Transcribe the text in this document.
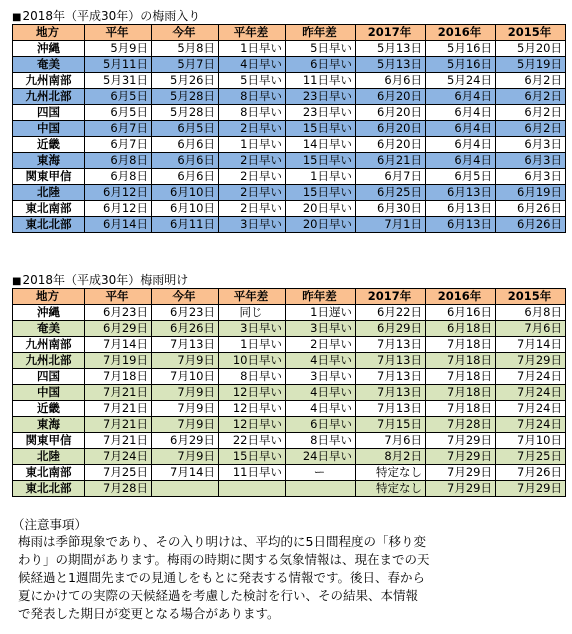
■2018年（平成30年）の梅雨入り
地方	平年	今年	平年差	昨年差	2017年	2016年	2015年
沖縄	5月9日	5月8日	1日早い	5日早い	5月13日	5月16日	5月20日
奄美	5月11日	5月7日	4日早い	6日早い	5月13日	5月16日	5月19日
九州南部	5月31日	5月26日	5日早い	11日早い	6月6日	5月24日	6月2日
九州北部	6月5日	5月28日	8日早い	23日早い	6月20日	6月4日	6月2日
四国	6月5日	5月28日	8日早い	23日早い	6月20日	6月4日	6月2日
中国	6月7日	6月5日	2日早い	15日早い	6月20日	6月4日	6月2日
近畿	6月7日	6月6日	1日早い	14日早い	6月20日	6月4日	6月3日
東海	6月8日	6月6日	2日早い	15日早い	6月21日	6月4日	6月3日
関東甲信	6月8日	6月6日	2日早い	1日早い	6月7日	6月5日	6月3日
北陸	6月12日	6月10日	2日早い	15日早い	6月25日	6月13日	6月19日
東北南部	6月12日	6月10日	2日早い	20日早い	6月30日	6月13日	6月26日
東北北部	6月14日	6月11日	3日早い	20日早い	7月1日	6月13日	6月26日
■2018年（平成30年）梅雨明け
地方	平年	今年	平年差	昨年差	2017年	2016年	2015年
沖縄	6月23日	6月23日	同じ	1日遅い	6月22日	6月16日	6月8日
奄美	6月29日	6月26日	3日早い	3日早い	6月29日	6月18日	7月6日
九州南部	7月14日	7月13日	1日早い	2日早い	7月13日	7月18日	7月14日
九州北部	7月19日	7月9日	10日早い	4日早い	7月13日	7月18日	7月29日
四国	7月18日	7月10日	8日早い	3日早い	7月13日	7月18日	7月24日
中国	7月21日	7月9日	12日早い	4日早い	7月13日	7月18日	7月24日
近畿	7月21日	7月9日	12日早い	4日早い	7月13日	7月18日	7月24日
東海	7月21日	7月9日	12日早い	6日早い	7月15日	7月28日	7月24日
関東甲信	7月21日	6月29日	22日早い	8日早い	7月6日	7月29日	7月10日
北陸	7月24日	7月9日	15日早い	24日早い	8月2日	7月29日	7月25日
東北南部	7月25日	7月14日	11日早い	ー	特定なし	7月29日	7月26日
東北北部	7月28日				特定なし	7月29日	7月29日
（注意事項）
梅雨は季節現象であり、その入り明けは、平均的に5日間程度の「移り変
わり」の期間があります。梅雨の時期に関する気象情報は、現在までの天
候経過と1週間先までの見通しをもとに発表する情報です。後日、春から
夏にかけての実際の天候経過を考慮した検討を行い、その結果、本情報
で発表した期日が変更となる場合があります。
